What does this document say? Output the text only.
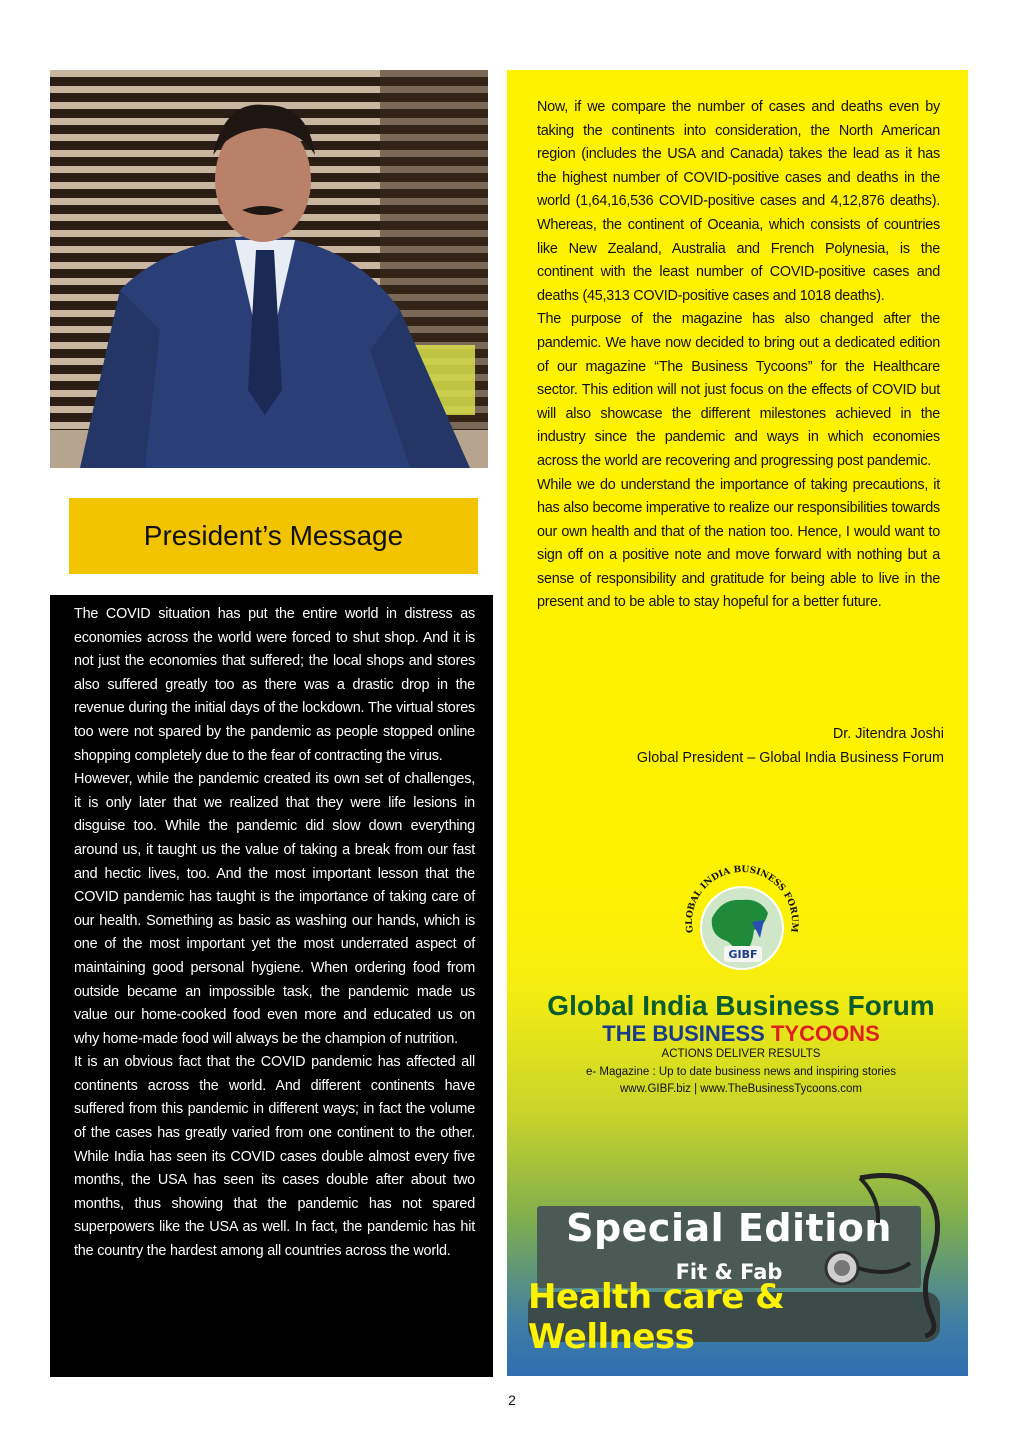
President’s Message

The COVID situation has put the entire world in distress as economies across the world were forced to shut shop. And it is not just the economies that suffered; the local shops and stores also suffered greatly too as there was a drastic drop in the revenue during the initial days of the lockdown. The virtual stores too were not spared by the pandemic as people stopped online shopping completely due to the fear of contracting the virus.

However, while the pandemic created its own set of challenges, it is only later that we realized that they were life lesions in disguise too. While the pandemic did slow down everything around us, it taught us the value of taking a break from our fast and hectic lives, too. And the most important lesson that the COVID pandemic has taught is the importance of taking care of our health. Something as basic as washing our hands, which is one of the most important yet the most underrated aspect of maintaining good personal hygiene. When ordering food from outside became an impossible task, the pandemic made us value our home-cooked food even more and educated us on why home-made food will always be the champion of nutrition.

It is an obvious fact that the COVID pandemic has affected all continents across the world. And different continents have suffered from this pandemic in different ways; in fact the volume of the cases has greatly varied from one continent to the other. While India has seen its COVID cases double almost every five months, the USA has seen its cases double after about two months, thus showing that the pandemic has not spared superpowers like the USA as well. In fact, the pandemic has hit the country the hardest among all countries across the world.

Now, if we compare the number of cases and deaths even by taking the continents into consideration, the North American region (includes the USA and Canada) takes the lead as it has the highest number of COVID-positive cases and deaths in the world (1,64,16,536 COVID-positive cases and 4,12,876 deaths). Whereas, the continent of Oceania, which consists of countries like New Zealand, Australia and French Polynesia, is the continent with the least number of COVID-positive cases and deaths (45,313 COVID-positive cases and 1018 deaths).

The purpose of the magazine has also changed after the pandemic. We have now decided to bring out a dedicated edition of our magazine “The Business Tycoons” for the Healthcare sector. This edition will not just focus on the effects of COVID but will also showcase the different milestones achieved in the industry since the pandemic and ways in which economies across the world are recovering and progressing post pandemic.

While we do understand the importance of taking precautions, it has also become imperative to realize our responsibilities towards our own health and that of the nation too. Hence, I would want to sign off on a positive note and move forward with nothing but a sense of responsibility and gratitude for being able to live in the present and to be able to stay hopeful for a better future.

Dr. Jitendra Joshi
Global President – Global India Business Forum
GLOBAL INDIA BUSINESS FORUM
GIBF
Global India Business Forum
THE BUSINESS TYCOONS
ACTIONS DELIVER RESULTS
e- Magazine : Up to date business news and inspiring stories
www.GIBF.biz | www.TheBusinessTycoons.com
Special Edition
Fit & Fab
Health care & Wellness
2
